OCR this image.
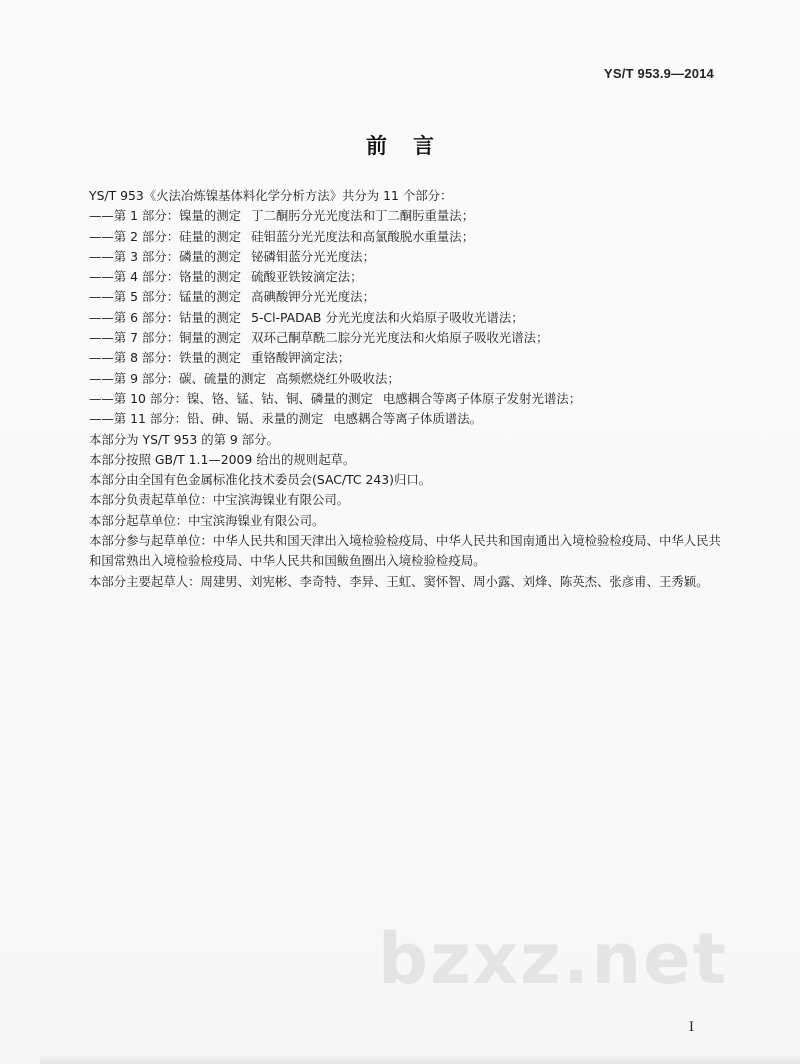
YS/T 953.9—2014
前言

YS/T 953《火法冶炼镍基体料化学分析方法》共分为 11 个部分：

——第 1 部分：镍量的测定 丁二酮肟分光光度法和丁二酮肟重量法；

——第 2 部分：硅量的测定 硅钼蓝分光光度法和高氯酸脱水重量法；

——第 3 部分：磷量的测定 铋磷钼蓝分光光度法；

——第 4 部分：铬量的测定 硫酸亚铁铵滴定法；

——第 5 部分：锰量的测定 高碘酸钾分光光度法；

——第 6 部分：钴量的测定 5-Cl-PADAB 分光光度法和火焰原子吸收光谱法；

——第 7 部分：铜量的测定 双环己酮草酰二腙分光光度法和火焰原子吸收光谱法；

——第 8 部分：铁量的测定 重铬酸钾滴定法；

——第 9 部分：碳、硫量的测定 高频燃烧红外吸收法；

——第 10 部分：镍、铬、锰、钴、铜、磷量的测定 电感耦合等离子体原子发射光谱法；

——第 11 部分：铅、砷、镉、汞量的测定 电感耦合等离子体质谱法。

本部分为 YS/T 953 的第 9 部分。

本部分按照 GB/T 1.1—2009 给出的规则起草。

本部分由全国有色金属标准化技术委员会(SAC/TC 243)归口。

本部分负责起草单位：中宝滨海镍业有限公司。

本部分起草单位：中宝滨海镍业有限公司。

本部分参与起草单位：中华人民共和国天津出入境检验检疫局、中华人民共和国南通出入境检验检疫局、中华人民共和国常熟出入境检验检疫局、中华人民共和国鲅鱼圈出入境检验检疫局。

本部分主要起草人：周建男、刘宪彬、李奇特、李异、王虹、窦怀智、周小露、刘烽、陈英杰、张彦甫、王秀颖。

bzxz.net
I
